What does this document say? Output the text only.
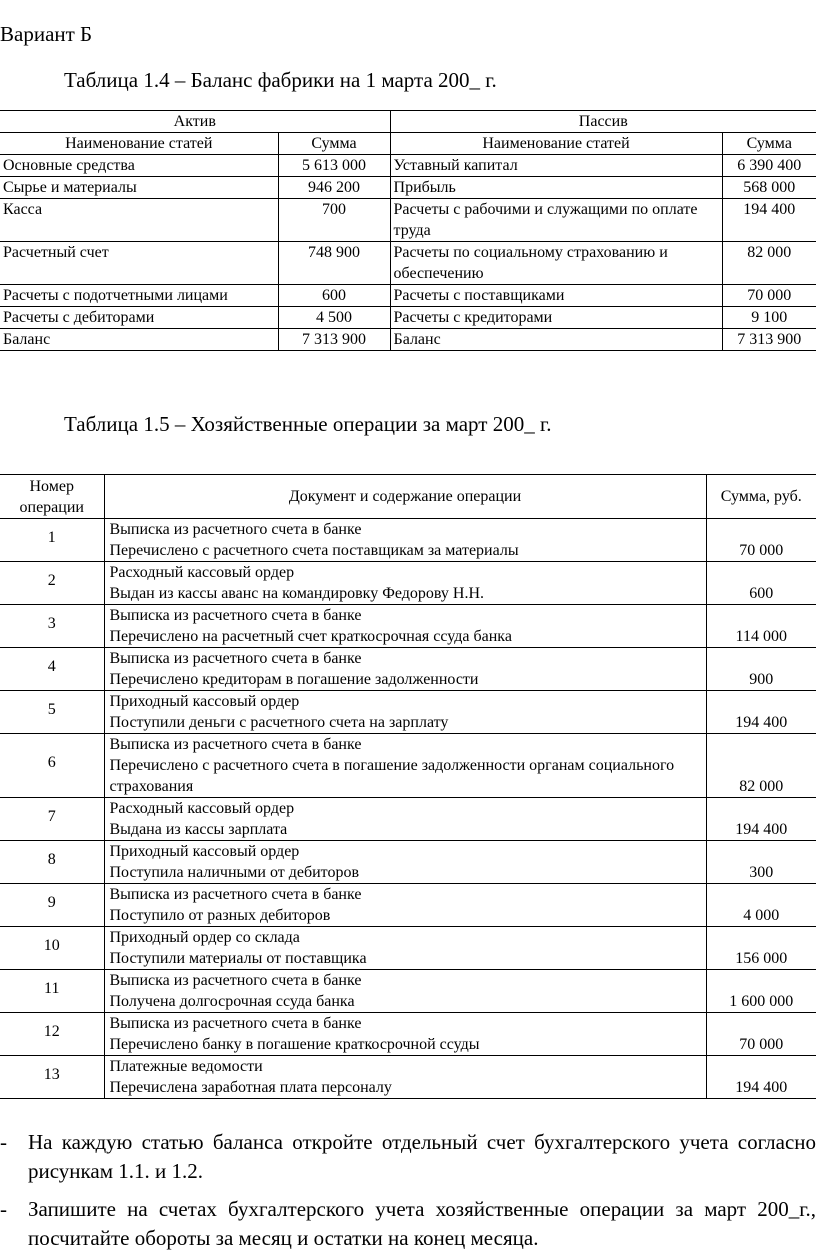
Вариант Б
Таблица 1.4 – Баланс фабрики на 1 марта 200_ г.
Актив		Пассив	
Наименование статей	Сумма	Наименование статей	Сумма
Основные средства	5 613 000	Уставный капитал	6 390 400
Сырье и материалы	946 200	Прибыль	568 000
Касса	700	Расчеты с рабочими и служащими по оплате труда	194 400
Расчетный счет	748 900	Расчеты по социальному страхованию и обеспечению	82 000
Расчеты с подотчетными лицами	600	Расчеты с поставщиками	70 000
Расчеты с дебиторами	4 500	Расчеты с кредиторами	9 100
Баланс	7 313 900	Баланс	7 313 900
Таблица 1.5 – Хозяйственные операции за март 200_ г.
Номер операции	Документ и содержание операции	Сумма, руб.
1	Выписка из расчетного счета в банке
Перечислено с расчетного счета поставщикам за материалы	70 000
2	Расходный кассовый ордер
Выдан из кассы аванс на командировку Федорову Н.Н.	600
3	Выписка из расчетного счета в банке
Перечислено на расчетный счет краткосрочная ссуда банка	114 000
4	Выписка из расчетного счета в банке
Перечислено кредиторам в погашение задолженности	900
5	Приходный кассовый ордер
Поступили деньги с расчетного счета на зарплату	194 400
6	Выписка из расчетного счета в банке
Перечислено с расчетного счета в погашение задолженности органам социального страхования	82 000
7	Расходный кассовый ордер
Выдана из кассы зарплата	194 400
8	Приходный кассовый ордер
Поступила наличными от дебиторов	300
9	Выписка из расчетного счета в банке
Поступило от разных дебиторов	4 000
10	Приходный ордер со склада
Поступили материалы от поставщика	156 000
11	Выписка из расчетного счета в банке
Получена долгосрочная ссуда банка	1 600 000
12	Выписка из расчетного счета в банке
Перечислено банку в погашение краткосрочной ссуды	70 000
13	Платежные ведомости
Перечислена заработная плата персоналу	194 400
- На каждую статью баланса откройте отдельный счет бухгалтерского учета согласно рисункам 1.1. и 1.2.
- Запишите на счетах бухгалтерского учета хозяйственные операции за март 200_г., посчитайте обороты за месяц и остатки на конец месяца.
